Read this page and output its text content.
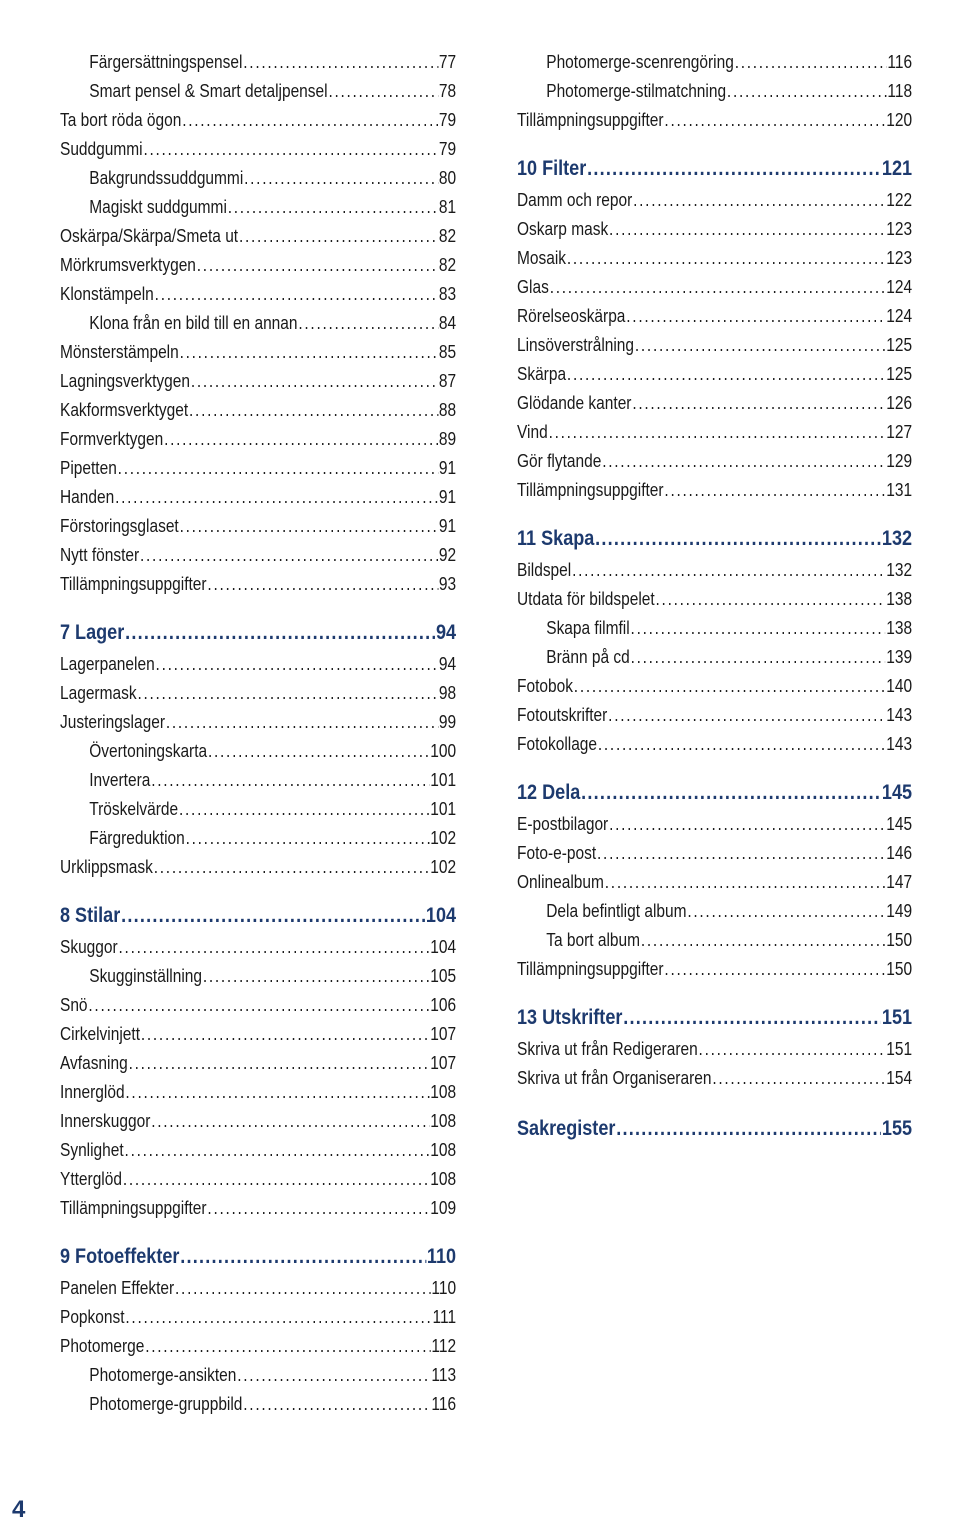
Färgersättningspensel . . .	77
Smart pensel & Smart detaljpensel . . .	78
Ta bort röda ögon . . .	79
Suddgummi . . .	79
Bakgrundssuddgummi . . .	80
Magiskt suddgummi . . .	81
Oskärpa/Skärpa/Smeta ut . . .	82
Mörkrumsverktygen . . .	82
Klonstämpeln . . .	83
Klona från en bild till en annan . . .	84
Mönsterstämpeln . . .	85
Lagningsverktygen . . .	87
Kakformsverktyget . . .	88
Formverktygen . . .	89
Pipetten . . .	91
Handen . . .	91
Förstoringsglaset . . .	91
Nytt fönster . . .	92
Tillämpningsuppgifter . . .	93
7 Lager . . .	94
Lagerpanelen . . .	94
Lagermask . . .	98
Justeringslager . . .	99
Övertoningskarta . . .	100
Invertera . . .	101
Tröskelvärde . . .	101
Färgreduktion . . .	102
Urklippsmask . . .	102
8 Stilar . . .	104
Skuggor . . .	104
Skugginställning . . .	105
Snö . . .	106
Cirkelvinjett . . .	107
Avfasning . . .	107
Innerglöd . . .	108
Innerskuggor . . .	108
Synlighet . . .	108
Ytterglöd . . .	108
Tillämpningsuppgifter . . .	109
9 Fotoeffekter . . .	110
Panelen Effekter . . .	110
Popkonst . . .	111
Photomerge . . .	112
Photomerge-ansikten . . .	113
Photomerge-gruppbild . . .	116
Photomerge-scenrengöring . . .	116
Photomerge-stilmatchning . . .	118
Tillämpningsuppgifter . . .	120
10 Filter . . .	121
Damm och repor . . .	122
Oskarp mask . . .	123
Mosaik . . .	123
Glas . . .	124
Rörelseoskärpa . . .	124
Linsöverstrålning . . .	125
Skärpa . . .	125
Glödande kanter . . .	126
Vind . . .	127
Gör flytande . . .	129
Tillämpningsuppgifter . . .	131
11 Skapa . . .	132
Bildspel . . .	132
Utdata för bildspelet . . .	138
Skapa filmfil . . .	138
Bränn på cd . . .	139
Fotobok . . .	140
Fotoutskrifter . . .	143
Fotokollage . . .	143
12 Dela . . .	145
E-postbilagor . . .	145
Foto-e-post . . .	146
Onlinealbum . . .	147
Dela befintligt album . . .	149
Ta bort album . . .	150
Tillämpningsuppgifter . . .	150
13 Utskrifter . . .	151
Skriva ut från Redigeraren . . .	151
Skriva ut från Organiseraren . . .	154
Sakregister . . .	155
4
